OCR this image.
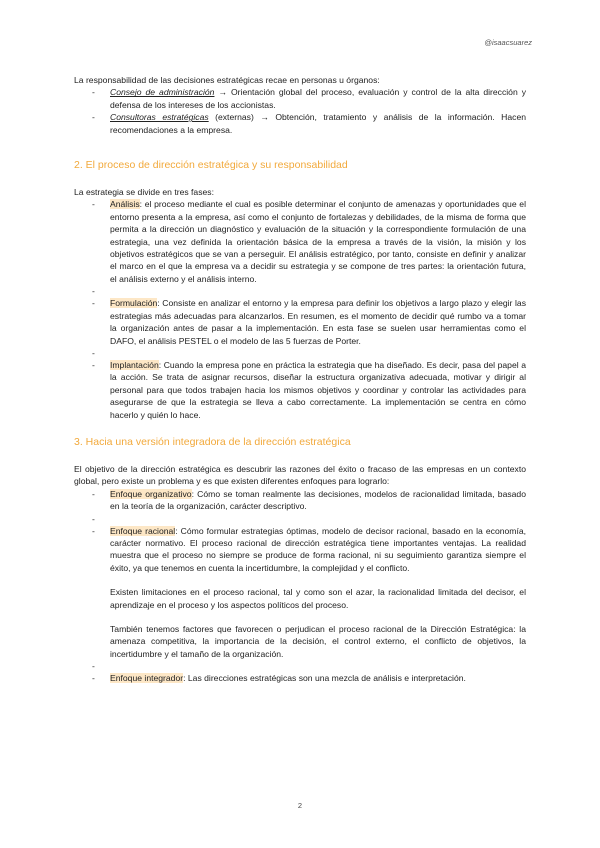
@isaacsuarez

La responsabilidad de las decisiones estratégicas recae en personas u órganos:

- Consejo de administración → Orientación global del proceso, evaluación y control de la alta dirección y defensa de los intereses de los accionistas.
- Consultoras estratégicas (externas) → Obtención, tratamiento y análisis de la información. Hacen recomendaciones a la empresa.
2. El proceso de dirección estratégica y su responsabilidad

La estrategia se divide en tres fases:

- Análisis: el proceso mediante el cual es posible determinar el conjunto de amenazas y oportunidades que el entorno presenta a la empresa, así como el conjunto de fortalezas y debilidades, de la misma de forma que permita a la dirección un diagnóstico y evaluación de la situación y la correspondiente formulación de una estrategia, una vez definida la orientación básica de la empresa a través de la visión, la misión y los objetivos estratégicos que se van a perseguir. El análisis estratégico, por tanto, consiste en definir y analizar el marco en el que la empresa va a decidir su estrategia y se compone de tres partes: la orientación futura, el análisis externo y el análisis interno.
-
- Formulación: Consiste en analizar el entorno y la empresa para definir los objetivos a largo plazo y elegir las estrategias más adecuadas para alcanzarlos. En resumen, es el momento de decidir qué rumbo va a tomar la organización antes de pasar a la implementación. En esta fase se suelen usar herramientas como el DAFO, el análisis PESTEL o el modelo de las 5 fuerzas de Porter.
-
- Implantación: Cuando la empresa pone en práctica la estrategia que ha diseñado. Es decir, pasa del papel a la acción. Se trata de asignar recursos, diseñar la estructura organizativa adecuada, motivar y dirigir al personal para que todos trabajen hacia los mismos objetivos y coordinar y controlar las actividades para asegurarse de que la estrategia se lleva a cabo correctamente. La implementación se centra en cómo hacerlo y quién lo hace.
3. Hacia una versión integradora de la dirección estratégica

El objetivo de la dirección estratégica es descubrir las razones del éxito o fracaso de las empresas en un contexto global, pero existe un problema y es que existen diferentes enfoques para lograrlo:

- Enfoque organizativo: Cómo se toman realmente las decisiones, modelos de racionalidad limitada, basado en la teoría de la organización, carácter descriptivo.
-
- Enfoque racional: Cómo formular estrategias óptimas, modelo de decisor racional, basado en la economía, carácter normativo. El proceso racional de dirección estratégica tiene importantes ventajas. La realidad muestra que el proceso no siempre se produce de forma racional, ni su seguimiento garantiza siempre el éxito, ya que tenemos en cuenta la incertidumbre, la complejidad y el conflicto.

Existen limitaciones en el proceso racional, tal y como son el azar, la racionalidad limitada del decisor, el aprendizaje en el proceso y los aspectos políticos del proceso.

También tenemos factores que favorecen o perjudican el proceso racional de la Dirección Estratégica: la amenaza competitiva, la importancia de la decisión, el control externo, el conflicto de objetivos, la incertidumbre y el tamaño de la organización.

-
- Enfoque integrador: Las direcciones estratégicas son una mezcla de análisis e interpretación.
2
